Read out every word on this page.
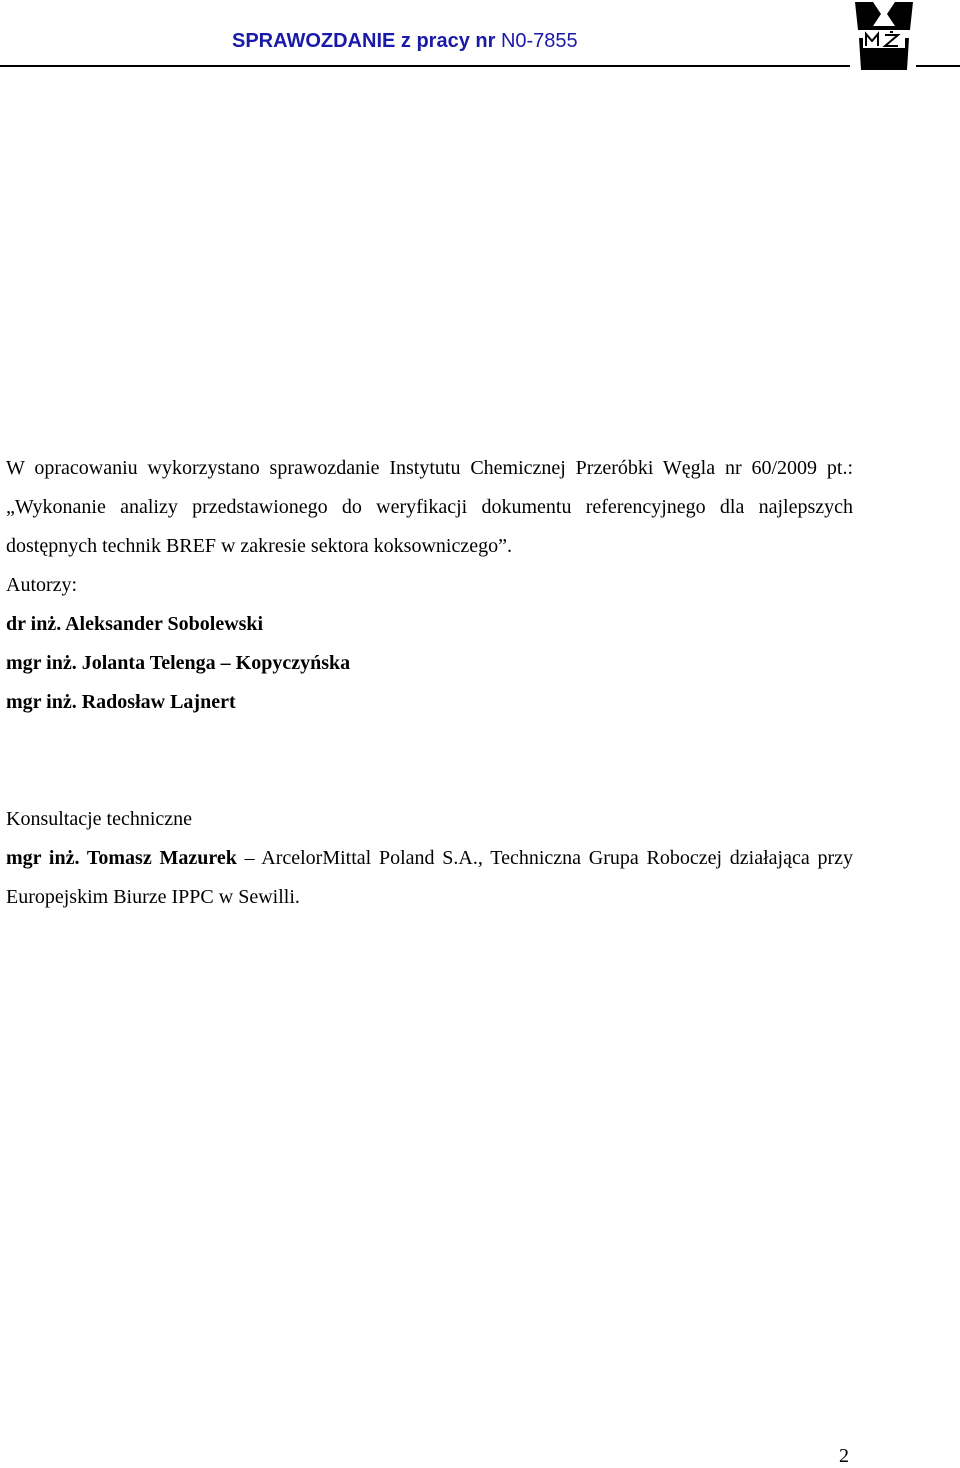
SPRAWOZDANIE z pracy nr N0-7855

W opracowaniu wykorzystano sprawozdanie Instytutu Chemicznej Przeróbki Węgla nr 60/2009 pt.: „Wykonanie analizy przedstawionego do weryfikacji dokumentu referencyjnego dla najlepszych dostępnych technik BREF w zakresie sektora koksowniczego”.

Autorzy:

dr inż. Aleksander Sobolewski

mgr inż. Jolanta Telenga – Kopyczyńska

mgr inż. Radosław Lajnert

Konsultacje techniczne

mgr inż. Tomasz Mazurek – ArcelorMittal Poland S.A., Techniczna Grupa Roboczej działająca przy Europejskim Biurze IPPC w Sewilli.

2
